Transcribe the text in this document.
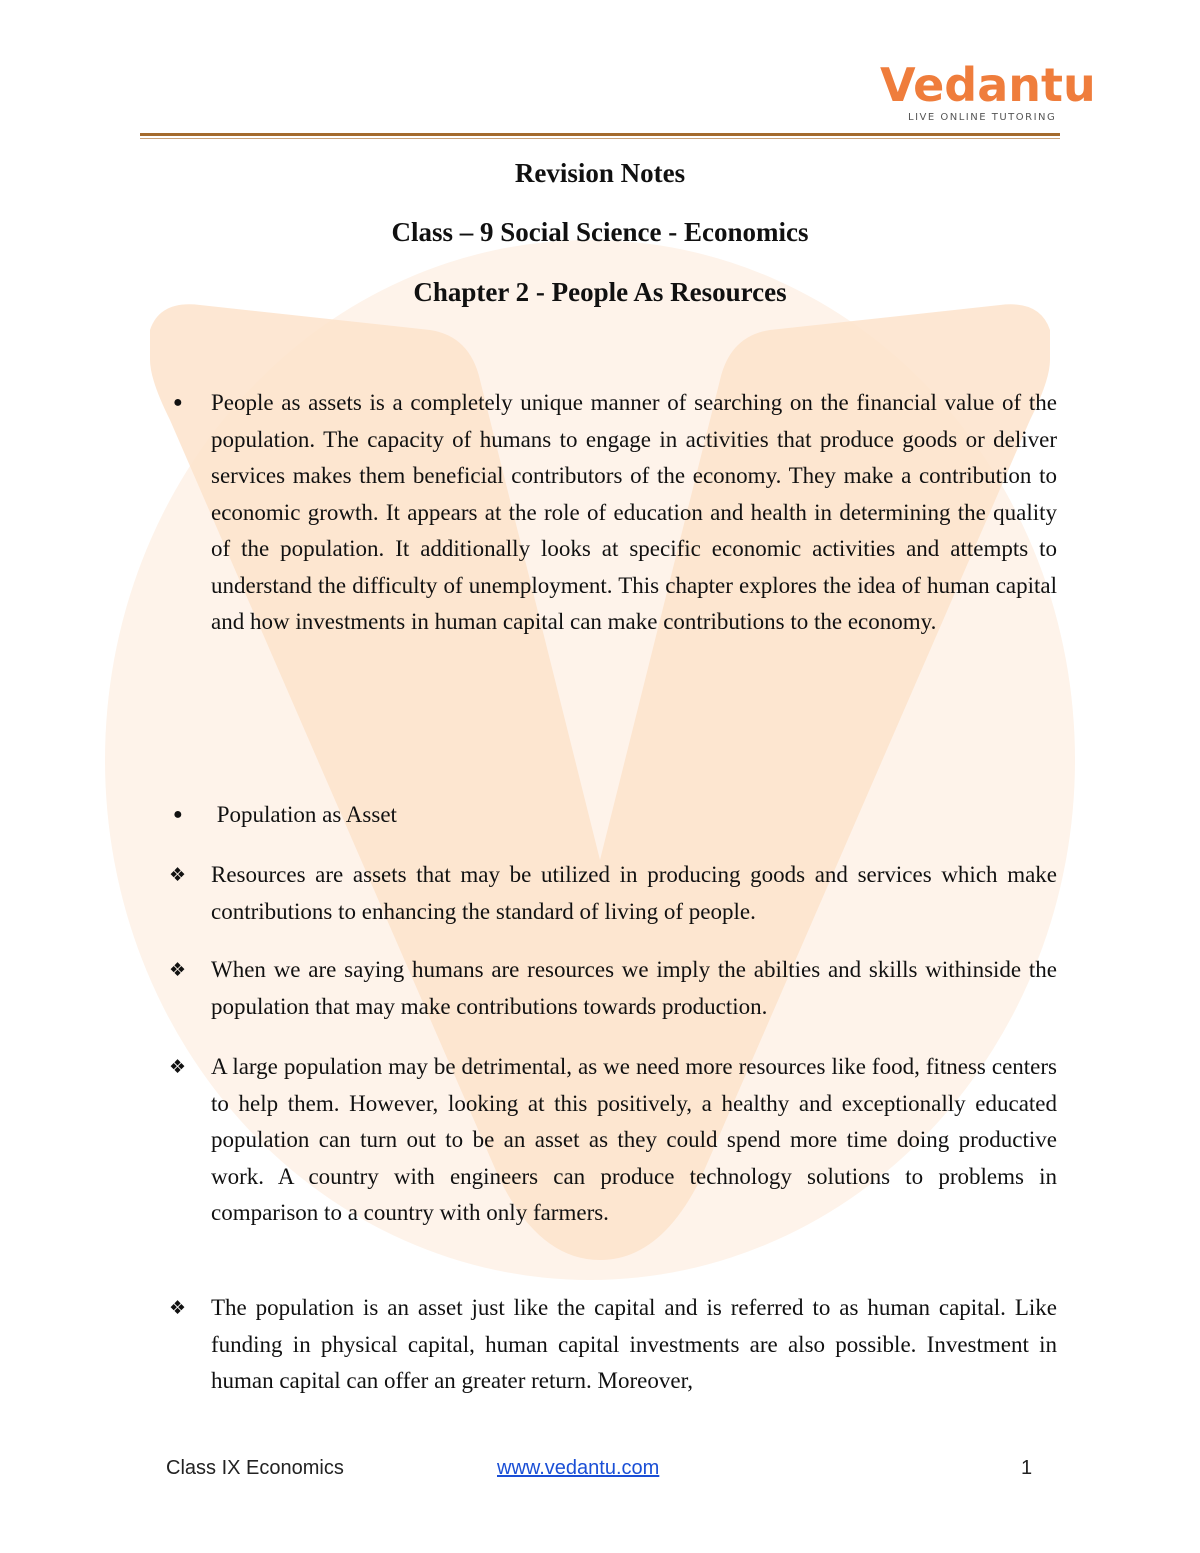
Vedantu
LIVE ONLINE TUTORING
Revision Notes
Class – 9 Social Science - Economics
Chapter 2 - People As Resources
● People as assets is a completely unique manner of searching on the financial value of the population. The capacity of humans to engage in activities that produce goods or deliver services makes them beneficial contributors of the economy. They make a contribution to economic growth. It appears at the role of education and health in determining the quality of the population. It additionally looks at specific economic activities and attempts to understand the difficulty of unemployment. This chapter explores the idea of human capital and how investments in human capital can make contributions to the economy.
● Population as Asset
❖ Resources are assets that may be utilized in producing goods and services which make contributions to enhancing the standard of living of people.
❖ When we are saying humans are resources we imply the abilties and skills withinside the population that may make contributions towards production.
❖ A large population may be detrimental, as we need more resources like food, fitness centers to help them. However, looking at this positively, a healthy and exceptionally educated population can turn out to be an asset as they could spend more time doing productive work. A country with engineers can produce technology solutions to problems in comparison to a country with only farmers.
❖ The population is an asset just like the capital and is referred to as human capital. Like funding in physical capital, human capital investments are also possible. Investment in human capital can offer an greater return. Moreover,
Class IX Economics	www.vedantu.com	1
